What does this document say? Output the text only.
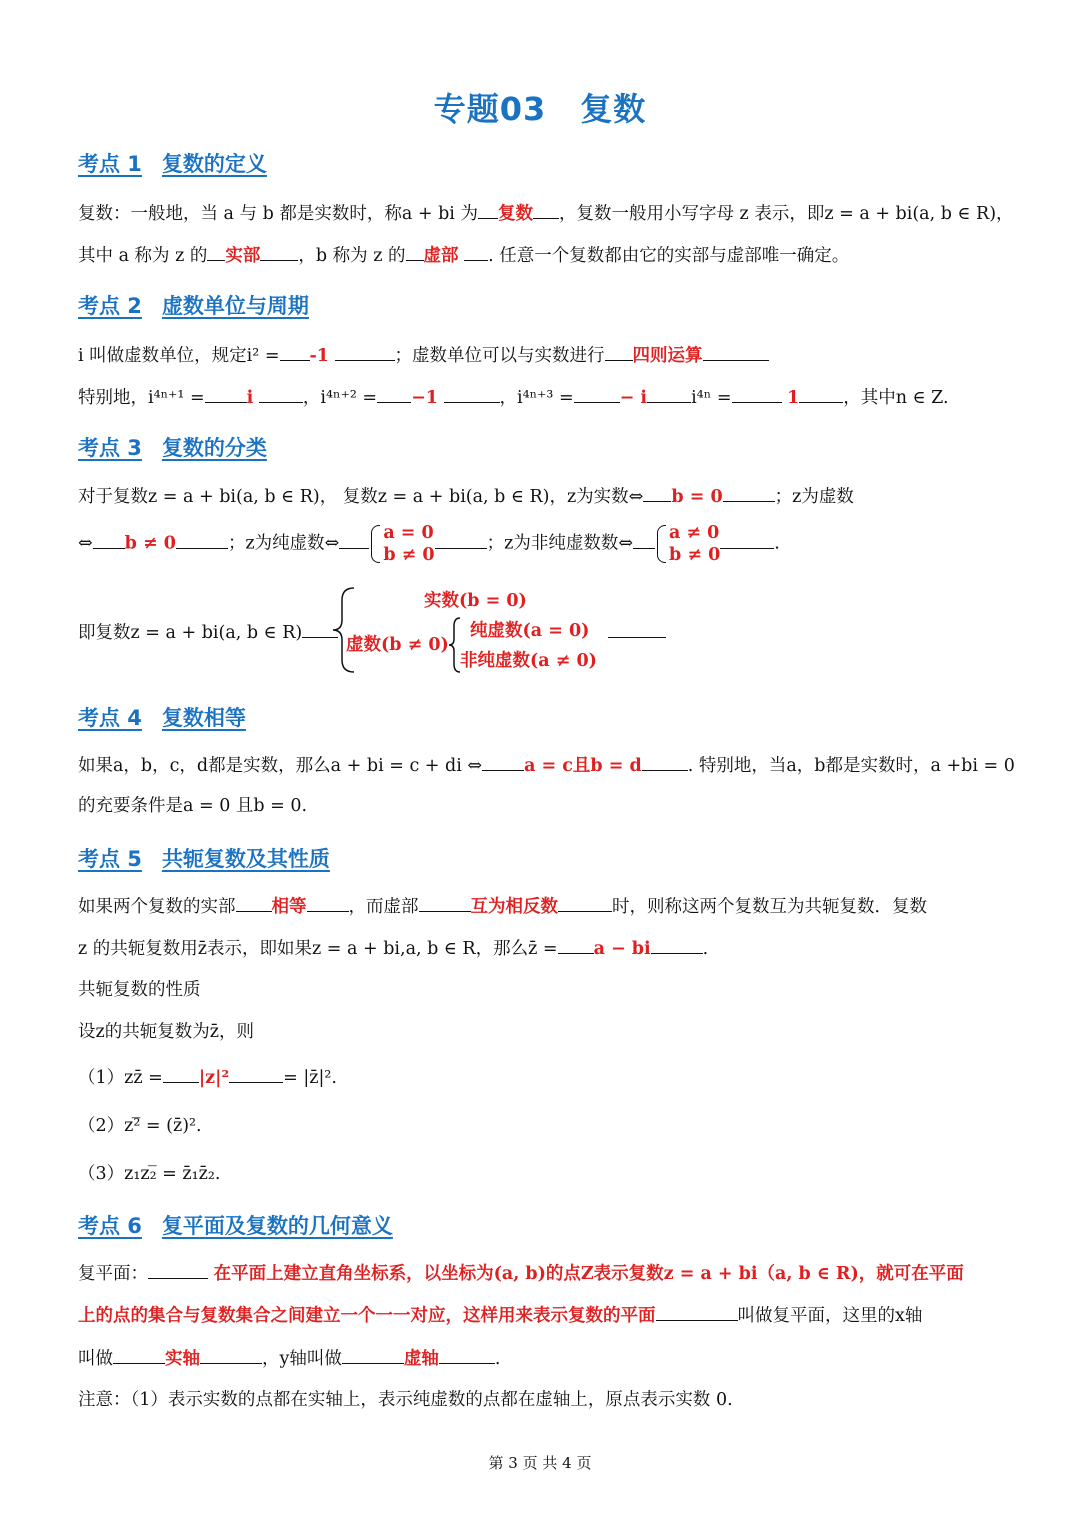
专题03 复数
考点 1 复数的定义
复数：一般地，当 a 与 b 都是实数时，称a + bi 为 复数 ，复数一般用小写字母 z 表示，即z = a + bi(a, b ∈ R)，
其中 a 称为 z 的 实部 ，b 称为 z 的 虚部 . 任意一个复数都由它的实部与虚部唯一确定。
考点 2 虚数单位与周期
i 叫做虚数单位，规定i² = -1	；虚数单位可以与实数进行 四则运算
特别地，i⁴ⁿ⁺¹ = i	，i⁴ⁿ⁺² = −1	，i⁴ⁿ⁺³ =	− i	i⁴ⁿ =	1	，其中n ∈ Z.
考点 3 复数的分类
对于复数z = a + bi(a, b ∈ R)， 复数z = a + bi(a, b ∈ R)，z为实数⇔ b = 0	；z为虚数
⇔ b ≠ 0	；z为纯虚数⇔
a = 0
b ≠ 0
；z为非纯虚数数⇔
a ≠ 0
b ≠ 0
.
即复数z = a + bi(a, b ∈ R)
实数(b = 0)
虚数(b ≠ 0)
纯虚数(a = 0)
非纯虚数(a ≠ 0)
考点 4 复数相等
如果a，b，c，d都是实数，那么a + bi = c + di ⇔ a = c且b = d	. 特别地，当a，b都是实数时，a +bi = 0
的充要条件是a = 0 且b = 0.
考点 5 共轭复数及其性质
如果两个复数的实部 相等 ，而虚部	互为相反数	时，则称这两个复数互为共轭复数．复数
z 的共轭复数用z̄表示，即如果z = a + bi,a, b ∈ R，那么z̄ = a − bi	.
共轭复数的性质
设z的共轭复数为z̄，则
（1）zz̄ = |z|²	= |z̄|².
（2）z²̅ = (z̄)².
（3）z₁z₂̅ = z̄₁z̄₂.
考点 6 复平面及复数的几何意义
复平面：	在平面上建立直角坐标系，以坐标为(a, b)的点Z表示复数z = a + bi（a, b ∈ R)，就可在平面
上的点的集合与复数集合之间建立一个一一对应，这样用来表示复数的平面	叫做复平面，这里的x轴
叫做	实轴	，y轴叫做	虚轴	.
注意：（1）表示实数的点都在实轴上，表示纯虚数的点都在虚轴上，原点表示实数 0.
第 3 页 共 4 页
